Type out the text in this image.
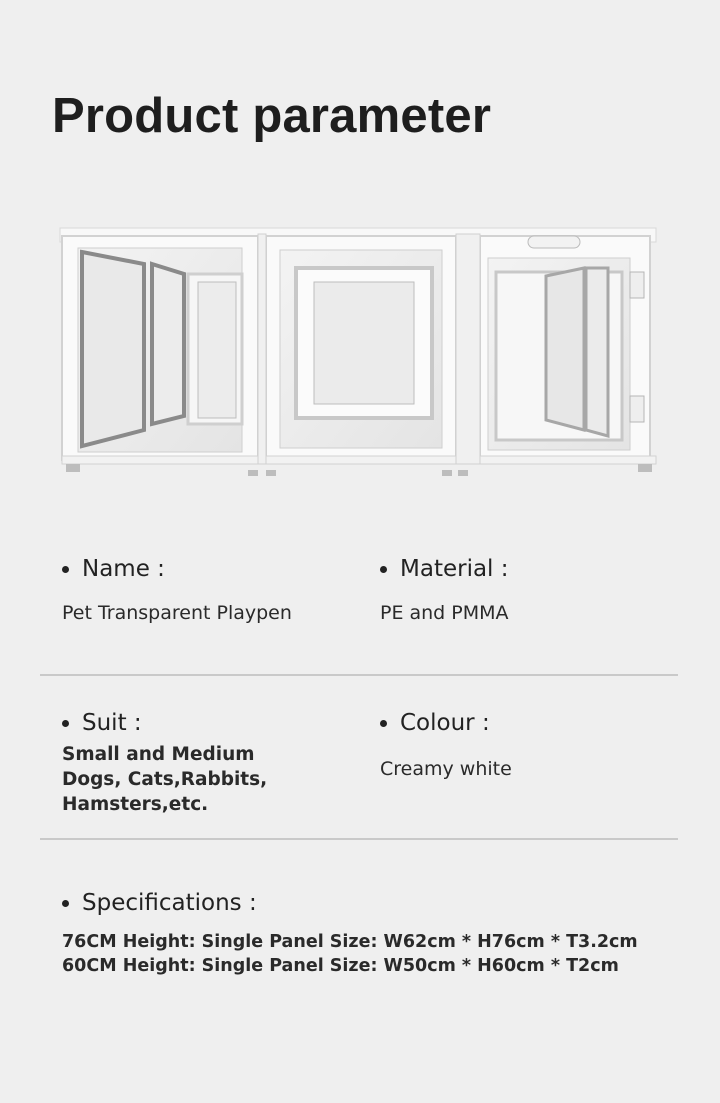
Product parameter
Name :
Pet Transparent Playpen
Material :
PE and PMMA
Suit :
Small and Medium
Dogs, Cats,Rabbits,
Hamsters,etc.
Colour :
Creamy white
Specifications :
76CM Height: Single Panel Size: W62cm * H76cm * T3.2cm
60CM Height: Single Panel Size: W50cm * H60cm * T2cm
